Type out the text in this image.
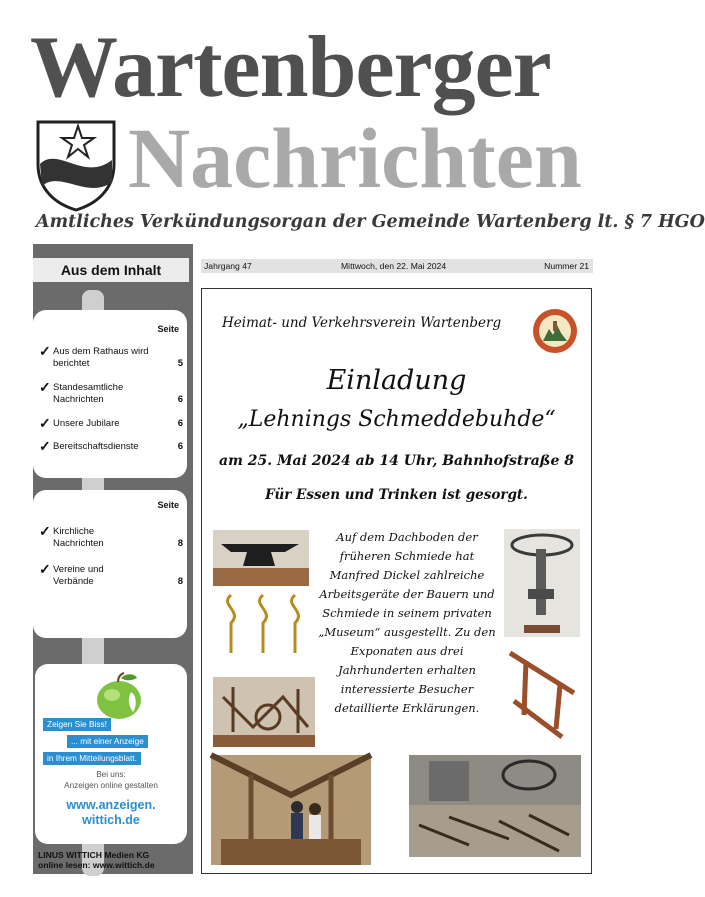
Wartenberger
Nachrichten
Amtliches Verkündungsorgan der Gemeinde Wartenberg lt. § 7 HGO
Aus dem Inhalt
Seite
✓ Aus dem Rathaus wird berichtet	5
✓ Standesamtliche Nachrichten	6
✓ Unsere Jubilare	6
✓ Bereitschaftsdienste	6
Seite
✓ Kirchliche Nachrichten	8
✓ Vereine und Verbände	8
Zeigen Sie Biss!
... mit einer Anzeige
in Ihrem Mitteilungsblatt.
Bei uns:
Anzeigen online gestalten
www.anzeigen.
wittich.de
LINUS WITTICH Medien KG
online lesen: www.wittich.de
Jahrgang 47	Mittwoch, den 22. Mai 2024	Nummer 21
Heimat- und Verkehrsverein Wartenberg
Einladung
„Lehnings Schmeddebuhde“
am 25. Mai 2024 ab 14 Uhr, Bahnhofstraße 8
Für Essen und Trinken ist gesorgt.
Auf dem Dachboden der früheren Schmiede hat Manfred Dickel zahlreiche Arbeitsgeräte der Bauern und Schmiede in seinem privaten „Museum“ ausgestellt. Zu den Exponaten aus drei Jahrhunderten erhalten interessierte Besucher detaillierte Erklärungen.
